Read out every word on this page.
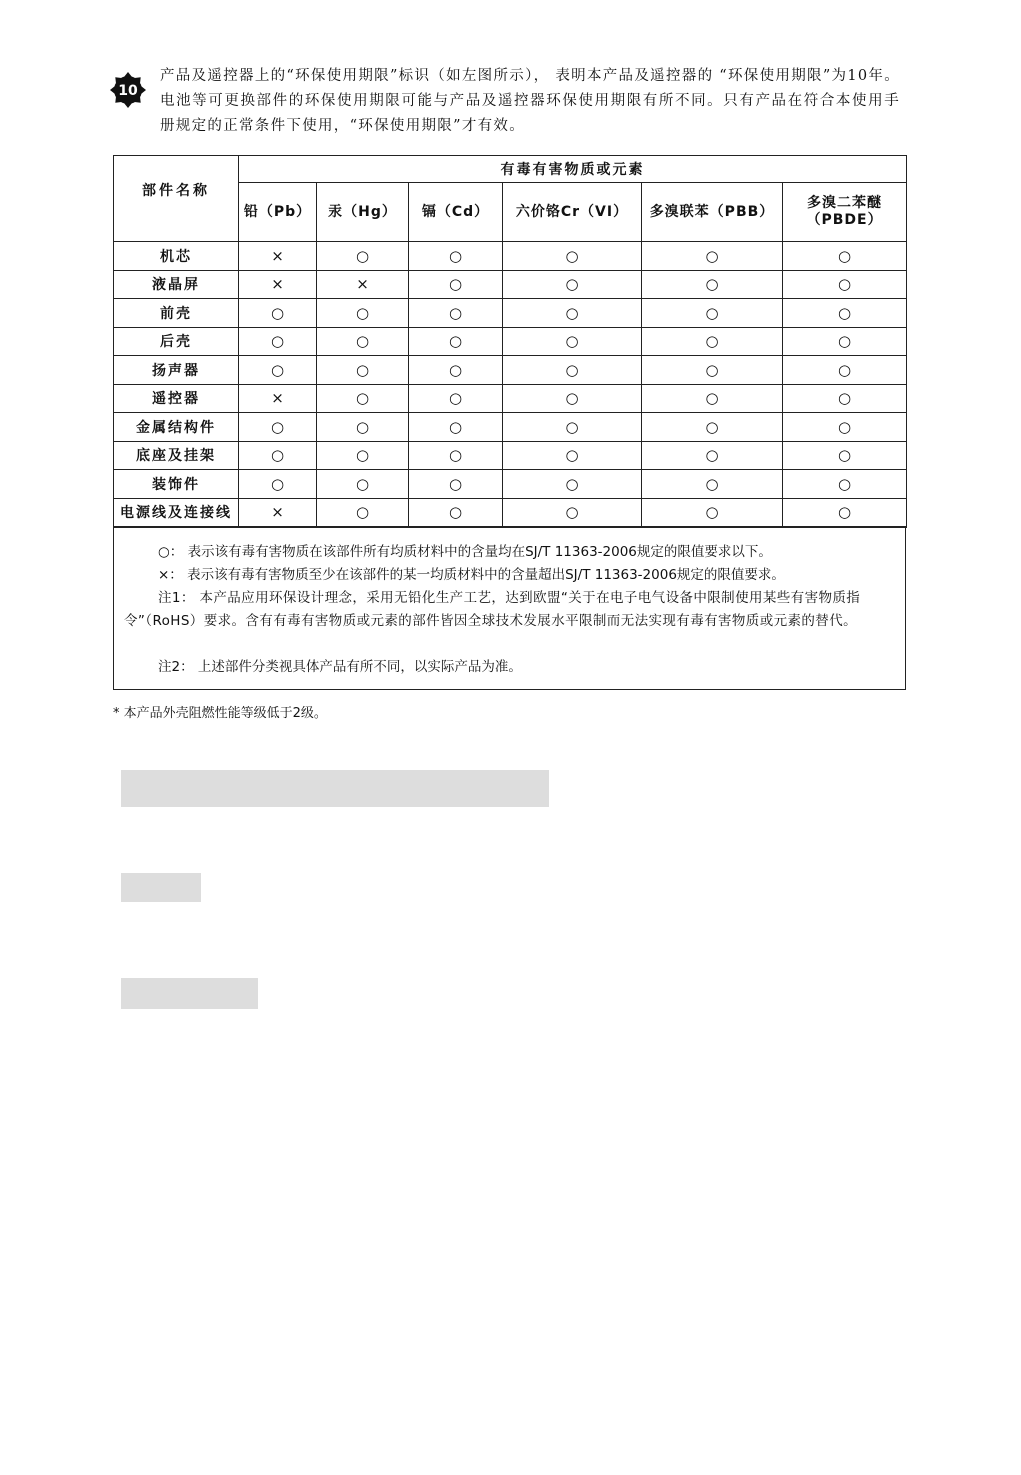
10
产品及遥控器上的“环保使用期限”标识（如左图所示）， 表明本产品及遥控器的 “环保使用期限”为10年。电池等可更换部件的环保使用期限可能与产品及遥控器环保使用期限有所不同。只有产品在符合本使用手册规定的正常条件下使用，“环保使用期限”才有效。
部件名称	有毒有害物质或元素					
	铅（Pb）	汞（Hg）	镉（Cd）	六价铬Cr（VI）	多溴联苯（PBB）	多溴二苯醚（PBDE）
机芯	×	○	○	○	○	○
液晶屏	×	×	○	○	○	○
前壳	○	○	○	○	○	○
后壳	○	○	○	○	○	○
扬声器	○	○	○	○	○	○
遥控器	×	○	○	○	○	○
金属结构件	○	○	○	○	○	○
底座及挂架	○	○	○	○	○	○
装饰件	○	○	○	○	○	○
电源线及连接线	×	○	○	○	○	○
○： 表示该有毒有害物质在该部件所有均质材料中的含量均在SJ/T 11363-2006规定的限值要求以下。
×： 表示该有毒有害物质至少在该部件的某一均质材料中的含量超出SJ/T 11363-2006规定的限值要求。
注1： 本产品应用环保设计理念，采用无铅化生产工艺，达到欧盟“关于在电子电气设备中限制使用某些有害物质指令”（RoHS）要求。含有有毒有害物质或元素的部件皆因全球技术发展水平限制而无法实现有毒有害物质或元素的替代。
注2： 上述部件分类视具体产品有所不同，以实际产品为准。
* 本产品外壳阻燃性能等级低于2级。
